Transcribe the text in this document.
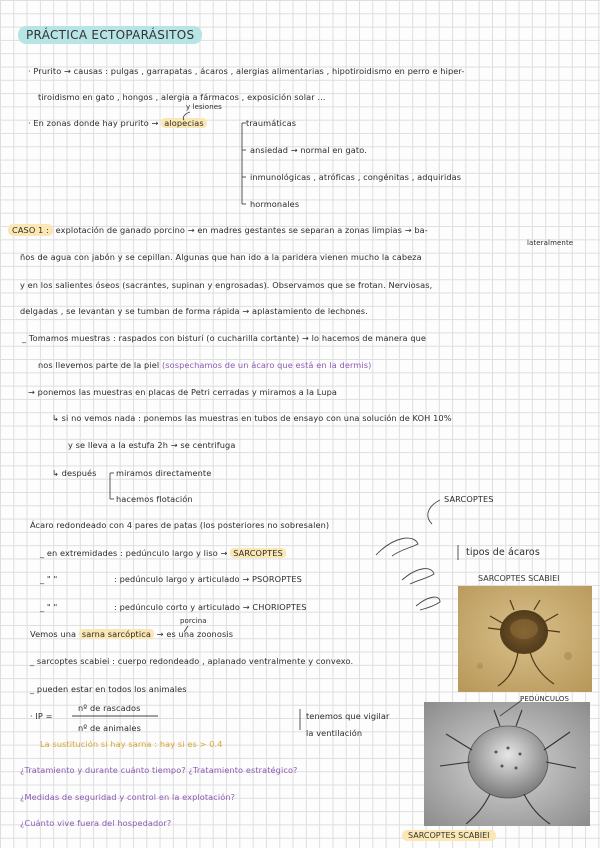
PRÁCTICA ECTOPARÁSITOS
· Prurito → causas : pulgas , garrapatas , ácaros , alergias alimentarias , hipotiroidismo en perro e hiper-
tiroidismo en gato , hongos , alergia a fármacos , exposición solar ...
y lesiones
· En zonas donde hay prurito → alopecias	traumáticas
ansiedad → normal en gato.
inmunológicas , atróficas , congénitas , adquiridas
hormonales
lateralmente
CASO 1 : explotación de ganado porcino → en madres gestantes se separan a zonas limpias → ba-
ños de agua con jabón y se cepillan. Algunas que han ido a la paridera vienen mucho la cabeza
y en los salientes óseos (sacrantes, supinan y engrosadas). Observamos que se frotan. Nerviosas,
delgadas , se levantan y se tumban de forma rápida → aplastamiento de lechones.
_ Tomamos muestras : raspados con bisturí (o cucharilla cortante) → lo hacemos de manera que
nos llevemos parte de la piel (sospechamos de un ácaro que está en la dermis)
→ ponemos las muestras en placas de Petri cerradas y miramos a la Lupa
↳ si no vemos nada : ponemos las muestras en tubos de ensayo con una solución de KOH 10%
y se lleva a la estufa 2h → se centrifuga
↳ después miramos directamente
hacemos flotación	SARCOPTES
Ácaro redondeado con 4 pares de patas (los posteriores no sobresalen)
_ en extremidades : pedúnculo largo y liso → SARCOPTES
_ " "	: pedúnculo largo y articulado → PSOROPTES
_ " "	: pedúnculo corto y articulado → CHORIOPTES
tipos de ácaros
porcina
Vemos una sarna sarcóptica → es una zoonosis
_ sarcoptes scabiei : cuerpo redondeado , aplanado ventralmente y convexo.
_ pueden estar en todos los animales
· IP =
nº de rascados
nº de animales
tenemos que vigilar
la ventilación
La sustitución si hay sarna : hay si es > 0.4
¿Tratamiento y durante cuánto tiempo? ¿Tratamiento estratégico?
¿Medidas de seguridad y control en la explotación?
¿Cuánto vive fuera del hospedador?
SARCOPTES SCABIEI
PEDÚNCULOS
SARCOPTES SCABIEI
